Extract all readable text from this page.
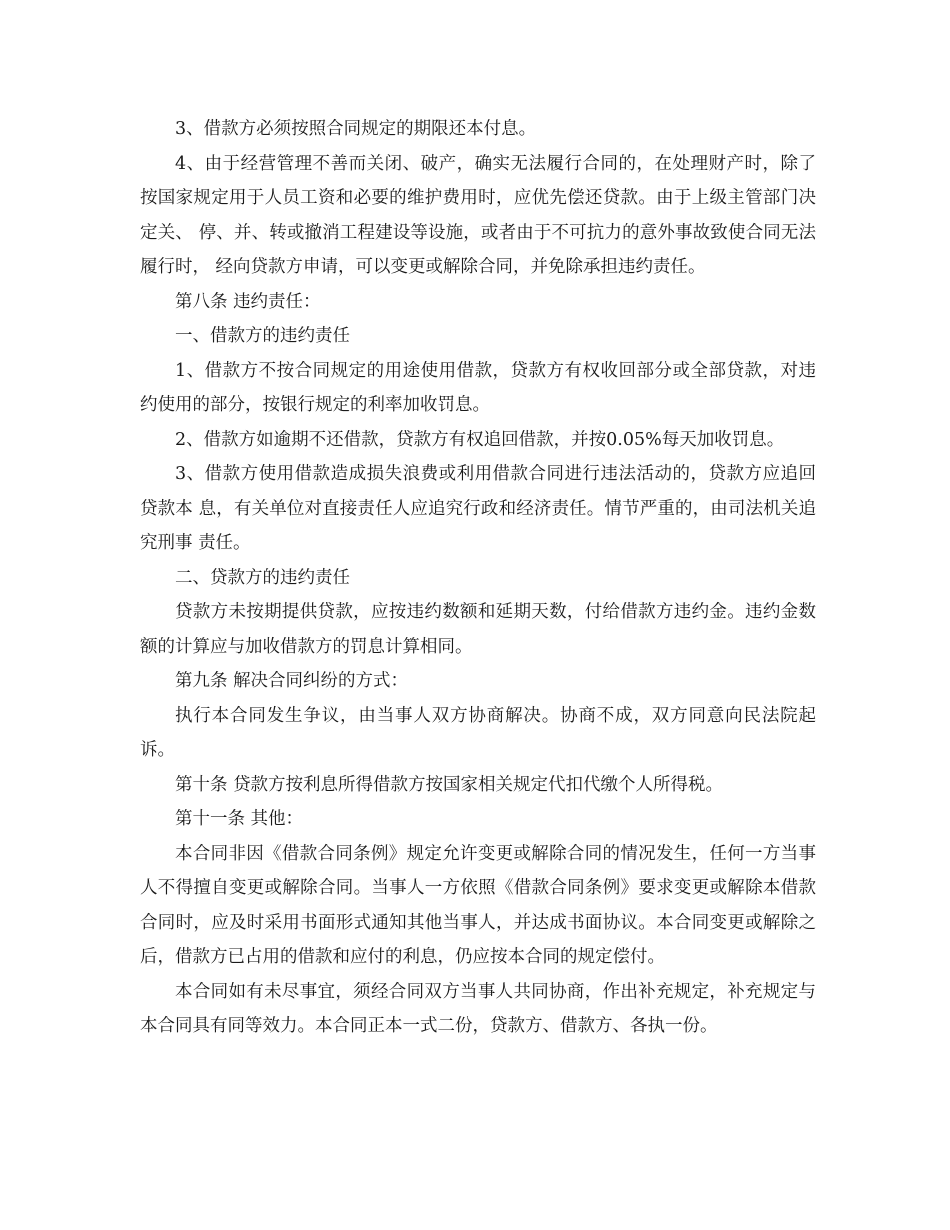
3、借款方必须按照合同规定的期限还本付息。

4、由于经营管理不善而关闭、破产，确实无法履行合同的，在处理财产时，除了按国家规定用于人员工资和必要的维护费用时，应优先偿还贷款。由于上级主管部门决定关、 停、并、转或撤消工程建设等设施，或者由于不可抗力的意外事故致使合同无法履行时， 经向贷款方申请，可以变更或解除合同，并免除承担违约责任。

第八条 违约责任：

一、借款方的违约责任

1、借款方不按合同规定的用途使用借款，贷款方有权收回部分或全部贷款，对违约使用的部分，按银行规定的利率加收罚息。

2、借款方如逾期不还借款，贷款方有权追回借款，并按0.05%每天加收罚息。

3、借款方使用借款造成损失浪费或利用借款合同进行违法活动的，贷款方应追回贷款本 息，有关单位对直接责任人应追究行政和经济责任。情节严重的，由司法机关追究刑事 责任。

二、贷款方的违约责任

贷款方未按期提供贷款，应按违约数额和延期天数，付给借款方违约金。违约金数额的计算应与加收借款方的罚息计算相同。

第九条 解决合同纠纷的方式：

执行本合同发生争议，由当事人双方协商解决。协商不成，双方同意向民法院起诉。

第十条 贷款方按利息所得借款方按国家相关规定代扣代缴个人所得税。

第十一条 其他：

本合同非因《借款合同条例》规定允许变更或解除合同的情况发生，任何一方当事人不得擅自变更或解除合同。当事人一方依照《借款合同条例》要求变更或解除本借款合同时，应及时采用书面形式通知其他当事人，并达成书面协议。本合同变更或解除之后，借款方已占用的借款和应付的利息，仍应按本合同的规定偿付。

本合同如有未尽事宜，须经合同双方当事人共同协商，作出补充规定，补充规定与本合同具有同等效力。本合同正本一式二份，贷款方、借款方、各执一份。
